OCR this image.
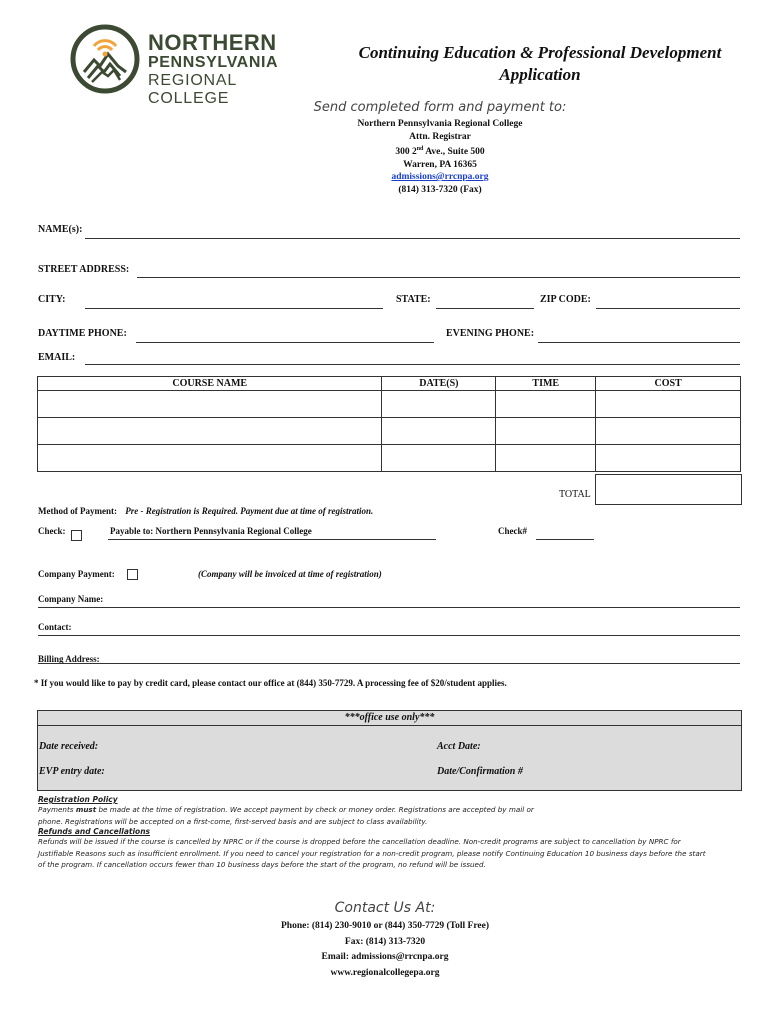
NORTHERN
PENNSYLVANIA
REGIONAL COLLEGE
Continuing Education & Professional Development
Application
Send completed form and payment to:
Northern Pennsylvania Regional College
Attn. Registrar
300 2nd Ave., Suite 500
Warren, PA 16365
admissions@rrcnpa.org
(814) 313-7320 (Fax)
NAME(s):
STREET ADDRESS:
CITY:	STATE:	ZIP CODE:
DAYTIME PHONE:	EVENING PHONE:
EMAIL:
COURSE NAME	DATE(S)	TIME	COST

TOTAL
Method of Payment: Pre - Registration is Required. Payment due at time of registration.
Check:	Payable to: Northern Pennsylvania Regional College	Check#
Company Payment:	(Company will be invoiced at time of registration)
Company Name:
Contact:
Billing Address:
* If you would like to pay by credit card, please contact our office at (844) 350-7729. A processing fee of $20/student applies.
***office use only***
Date received:	Acct Date:
EVP entry date:	Date/Confirmation #
Registration Policy
Payments must be made at the time of registration. We accept payment by check or money order. Registrations are accepted by mail or
phone. Registrations will be accepted on a first-come, first-served basis and are subject to class availability.
Refunds and Cancellations
Refunds will be issued if the course is cancelled by NPRC or if the course is dropped before the cancellation deadline. Non-credit programs are subject to cancellation by NPRC for
Justifiable Reasons such as insufficient enrollment. If you need to cancel your registration for a non-credit program, please notify Continuing Education 10 business days before the start
of the program. If cancellation occurs fewer than 10 business days before the start of the program, no refund will be issued.
Contact Us At:
Phone: (814) 230-9010 or (844) 350-7729 (Toll Free)
Fax: (814) 313-7320
Email: admissions@rrcnpa.org
www.regionalcollegepa.org
